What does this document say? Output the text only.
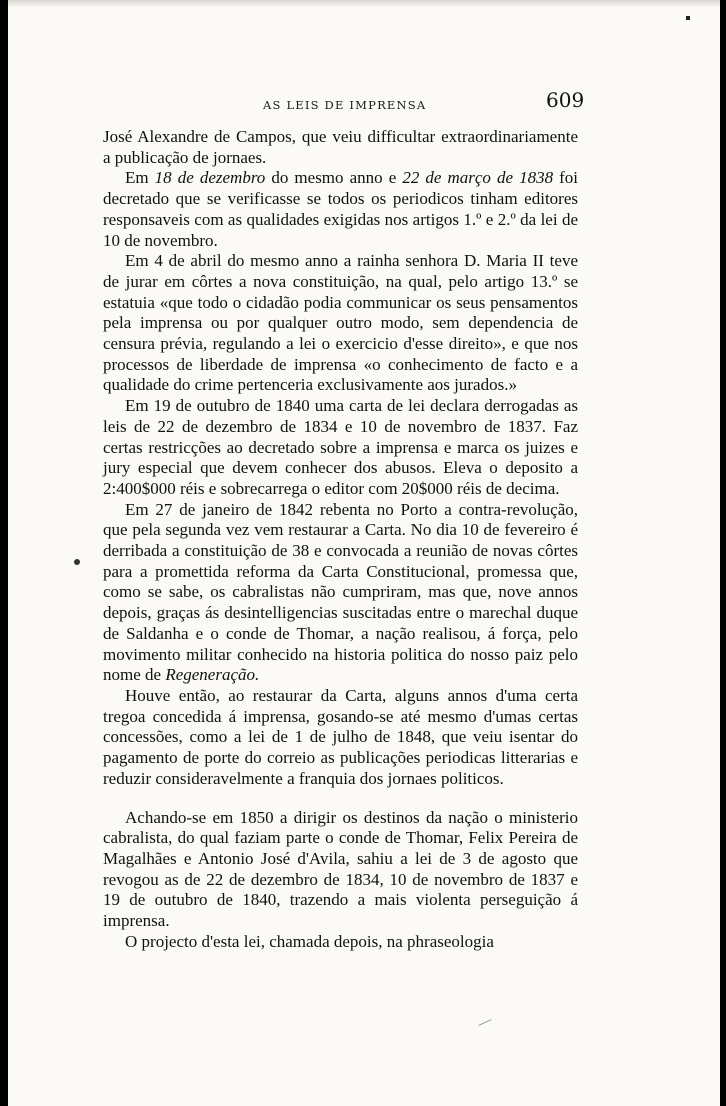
AS LEIS DE IMPRENSA	609

José Alexandre de Campos, que veiu difficultar extraordinariamente a publicação de jornaes.

Em 18 de dezembro do mesmo anno e 22 de março de 1838 foi decretado que se verificasse se todos os periodicos tinham editores responsaveis com as qualidades exigidas nos artigos 1.º e 2.º da lei de 10 de novembro.

Em 4 de abril do mesmo anno a rainha senhora D. Maria II teve de jurar em côrtes a nova constituição, na qual, pelo artigo 13.º se estatuia «que todo o cidadão podia communicar os seus pensamentos pela imprensa ou por qualquer outro modo, sem dependencia de censura prévia, regulando a lei o exercicio d'esse direito», e que nos processos de liberdade de imprensa «o conhecimento de facto e a qualidade do crime pertenceria exclusivamente aos jurados.»

Em 19 de outubro de 1840 uma carta de lei declara derrogadas as leis de 22 de dezembro de 1834 e 10 de novembro de 1837. Faz certas restricções ao decretado sobre a imprensa e marca os juizes e jury especial que devem conhecer dos abusos. Eleva o deposito a 2:400$000 réis e sobrecarrega o editor com 20$000 réis de decima.

Em 27 de janeiro de 1842 rebenta no Porto a contra-revolução, que pela segunda vez vem restaurar a Carta. No dia 10 de fevereiro é derribada a constituição de 38 e convocada a reunião de novas côrtes para a promettida reforma da Carta Constitucional, promessa que, como se sabe, os cabralistas não cumpriram, mas que, nove annos depois, graças ás desintelligencias suscitadas entre o marechal duque de Saldanha e o conde de Thomar, a nação realisou, á força, pelo movimento militar conhecido na historia politica do nosso paiz pelo nome de Regeneração.

Houve então, ao restaurar da Carta, alguns annos d'uma certa tregoa concedida á imprensa, gosando-se até mesmo d'umas certas concessões, como a lei de 1 de julho de 1848, que veiu isentar do pagamento de porte do correio as publicações periodicas litterarias e reduzir consideravelmente a franquia dos jornaes politicos.

Achando-se em 1850 a dirigir os destinos da nação o ministerio cabralista, do qual faziam parte o conde de Thomar, Felix Pereira de Magalhães e Antonio José d'Avila, sahiu a lei de 3 de agosto que revogou as de 22 de dezembro de 1834, 10 de novembro de 1837 e 19 de outubro de 1840, trazendo a mais violenta perseguição á imprensa.

O projecto d'esta lei, chamada depois, na phraseologia
